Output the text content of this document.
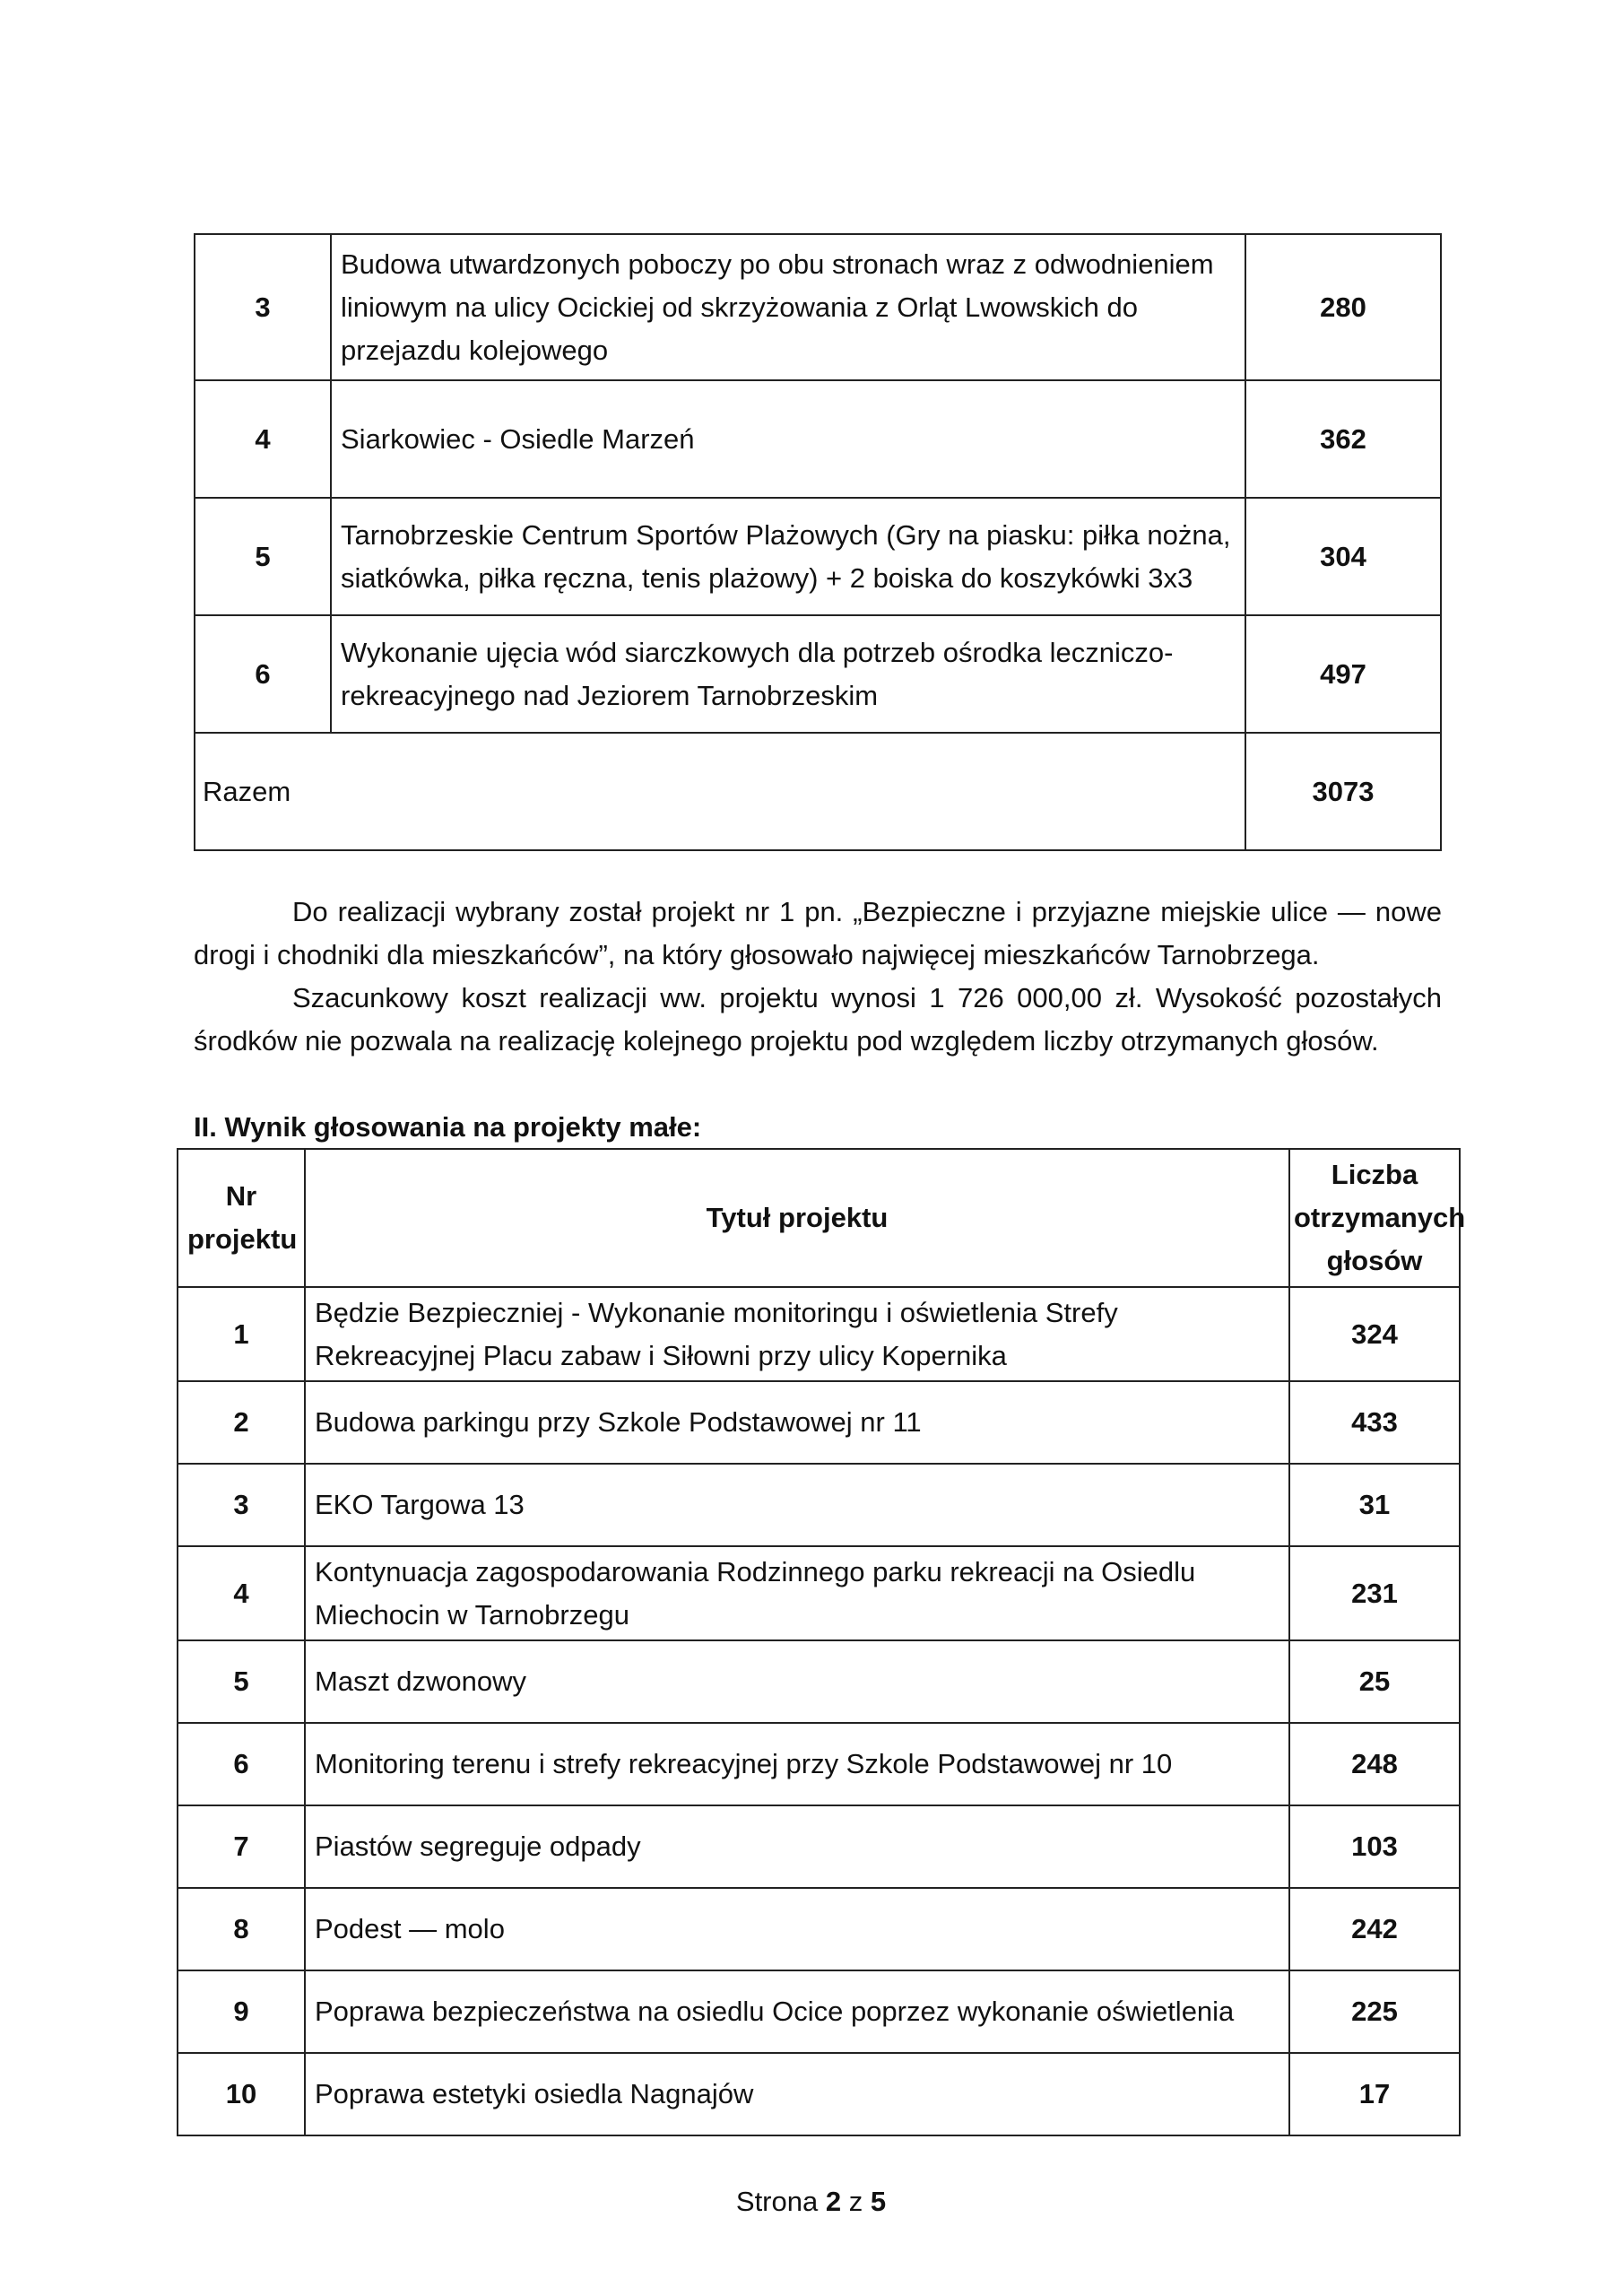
3	Budowa utwardzonych poboczy po obu stronach wraz z odwodnieniem liniowym na ulicy Ocickiej od skrzyżowania z Orląt Lwowskich do przejazdu kolejowego	280
4	Siarkowiec - Osiedle Marzeń	362
5	Tarnobrzeskie Centrum Sportów Plażowych (Gry na piasku: piłka nożna, siatkówka, piłka ręczna, tenis plażowy) + 2 boiska do koszykówki 3x3	304
6	Wykonanie ujęcia wód siarczkowych dla potrzeb ośrodka leczniczo-rekreacyjnego nad Jeziorem Tarnobrzeskim	497
Razem		3073

Do realizacji wybrany został projekt nr 1 pn. „Bezpieczne i przyjazne miejskie ulice — nowe drogi i chodniki dla mieszkańców”, na który głosowało najwięcej mieszkańców Tarnobrzega.

Szacunkowy koszt realizacji ww. projektu wynosi 1 726 000,00 zł. Wysokość pozostałych środków nie pozwala na realizację kolejnego projektu pod względem liczby otrzymanych głosów.

II. Wynik głosowania na projekty małe:

Nr projektu	Tytuł projektu	Liczba otrzymanych głosów
1	Będzie Bezpieczniej - Wykonanie monitoringu i oświetlenia Strefy Rekreacyjnej Placu zabaw i Siłowni przy ulicy Kopernika	324
2	Budowa parkingu przy Szkole Podstawowej nr 11	433
3	EKO Targowa 13	31
4	Kontynuacja zagospodarowania Rodzinnego parku rekreacji na Osiedlu Miechocin w Tarnobrzegu	231
5	Maszt dzwonowy	25
6	Monitoring terenu i strefy rekreacyjnej przy Szkole Podstawowej nr 10	248
7	Piastów segreguje odpady	103
8	Podest — molo	242
9	Poprawa bezpieczeństwa na osiedlu Ocice poprzez wykonanie oświetlenia	225
10	Poprawa estetyki osiedla Nagnajów	17
Strona 2 z 5
